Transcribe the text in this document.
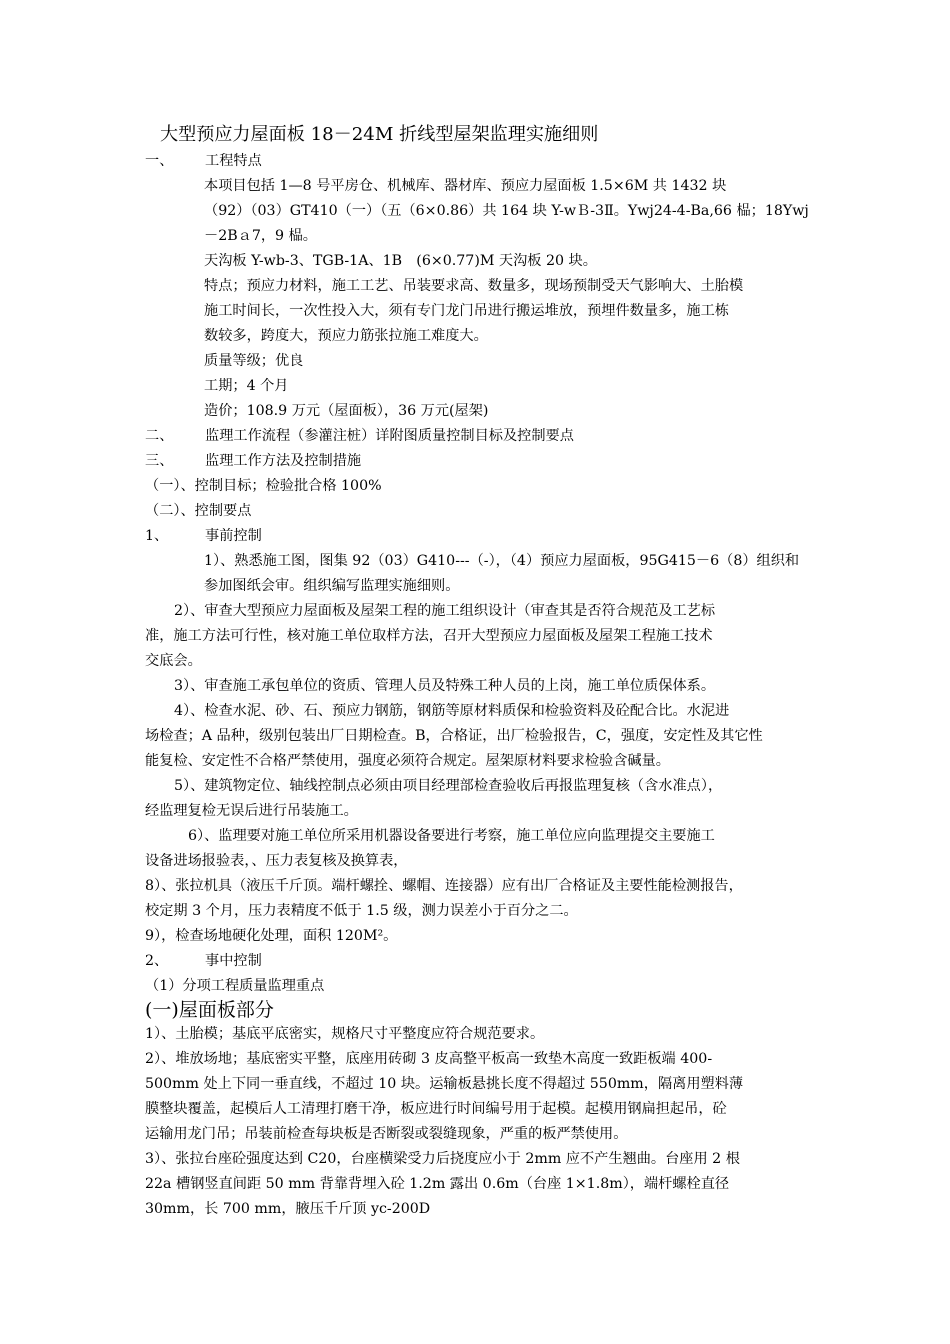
大型预应力屋面板 18－24M 折线型屋架监理实施细则
一、 工程特点
本项目包括 1—8 号平房仓、机械库、器材库、预应力屋面板 1.5×6M 共 1432 块
（92）（03）GT410（一）（五（6×0.86）共 164 块 Y-wＢ-3Ⅱ。Ywj24-4-Ba,66 榀；18Ywj
－2Bａ7，9 榀。
天沟板 Y-wb-3、TGB-1A、1B　(6×0.77)M 天沟板 20 块。
特点；预应力材料，施工工艺、吊装要求高、数量多，现场预制受天气影响大、土胎模
施工时间长，一次性投入大，须有专门龙门吊进行搬运堆放，预埋件数量多，施工栋
数较多，跨度大，预应力筋张拉施工难度大。
质量等级；优良
工期；4 个月
造价；108.9 万元（屋面板），36 万元(屋架)
二、 监理工作流程（参灌注桩）详附图质量控制目标及控制要点
三、 监理工作方法及控制措施
（一）、控制目标；检验批合格 100%
（二）、控制要点
1、	事前控制
1）、熟悉施工图，图集 92（03）G410---（-），（4）预应力屋面板，95G415－6（8）组织和
参加图纸会审。组织编写监理实施细则。
2）、审查大型预应力屋面板及屋架工程的施工组织设计（审查其是否符合规范及工艺标
准，施工方法可行性，核对施工单位取样方法，召开大型预应力屋面板及屋架工程施工技术
交底会。
3）、审查施工承包单位的资质、管理人员及特殊工种人员的上岗，施工单位质保体系。
4）、检查水泥、砂、石、预应力钢筋，钢筋等原材料质保和检验资料及砼配合比。水泥进
场检查；A 品种，级别包装出厂日期检查。B，合格证，出厂检验报告，C，强度，安定性及其它性
能复检、安定性不合格严禁使用，强度必须符合规定。屋架原材料要求检验含碱量。
5）、建筑物定位、轴线控制点必须由项目经理部检查验收后再报监理复核（含水准点），
经监理复检无误后进行吊装施工。
6）、监理要对施工单位所采用机器设备要进行考察，施工单位应向监理提交主要施工
设备进场报验表，、压力表复核及换算表，
8）、张拉机具（液压千斤顶。端杆螺拴、螺帽、连接器）应有出厂合格证及主要性能检测报告，
校定期 3 个月，压力表精度不低于 1.5 级，测力误差小于百分之二。
9），检查场地硬化处理，面积 120M²。
2、	事中控制
（1）分项工程质量监理重点
(一)屋面板部分
1）、土胎模；基底平底密实，规格尺寸平整度应符合规范要求。
2）、堆放场地；基底密实平整，底座用砖砌 3 皮高整平板高一致垫木高度一致距板端 400-
500mm 处上下同一垂直线，不超过 10 块。运输板悬挑长度不得超过 550mm，隔离用塑料薄
膜整块覆盖，起模后人工清理打磨干净，板应进行时间编号用于起模。起模用钢扁担起吊，砼
运输用龙门吊；吊装前检查每块板是否断裂或裂缝现象，严重的板严禁使用。
3）、张拉台座砼强度达到 C20，台座横梁受力后挠度应小于 2mm 应不产生翘曲。台座用 2 根
22a 槽钢竖直间距 50 mm 背靠背埋入砼 1.2m 露出 0.6m（台座 1×1.8m），端杆螺栓直径
30mm，长 700 mm，腋压千斤顶 yc-200D
